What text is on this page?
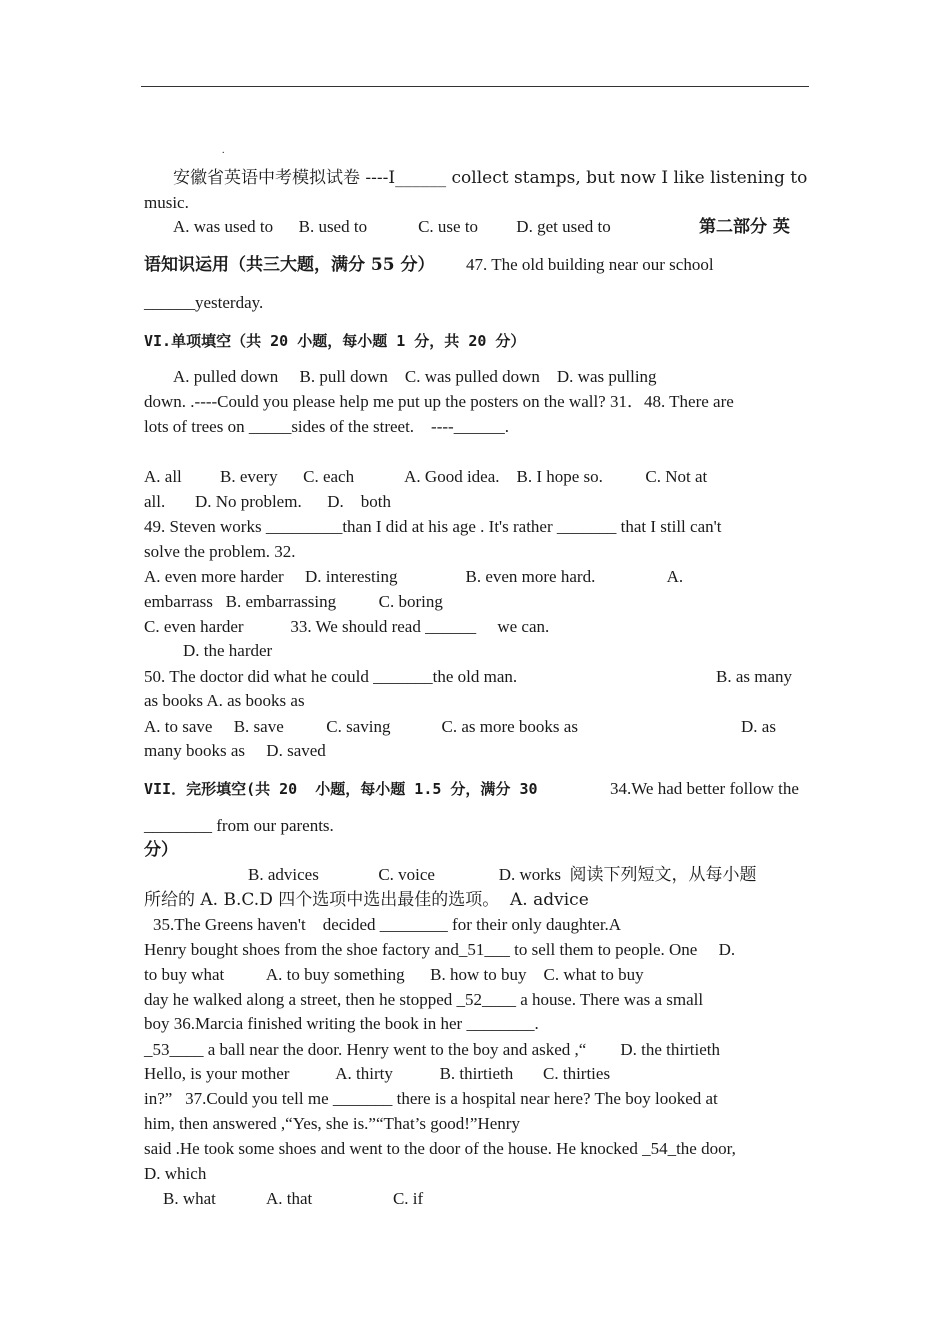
.
安徽省英语中考模拟试卷 ----I______ collect stamps, but now I like listening to
music.
A. was used to      B. used to            C. use to         D. get used to	第二部分 英
语知识运用（共三大题，满分 55 分） 47. The old building near our school
______yesterday.
VI.单项填空（共 20 小题，每小题 1 分，共 20 分）
A. pulled down     B. pull down    C. was pulled down    D. was pulling
down. .----Could you please help me put up the posters on the wall? 31．48. There are
lots of trees on _____sides of the street.    ----______.
A. all         B. every      C. each            A. Good idea.    B. I hope so.          C. Not at
all.       D. No problem.      D.    both
49. Steven works _________than I did at his age . It's rather _______ that I still can't
solve the problem. 32.
A. even more harder     D. interesting                B. even more hard.                 A.
embarrass   B. embarrassing          C. boring
C. even harder           33. We should read ______     we can.
D. the harder
50. The doctor did what he could _______the old man.	B. as many
as books A. as books as
A. to save     B. save          C. saving            C. as more books as	D. as
many books as     D. saved
VII．完形填空(共 20  小题，每小题 1.5 分，满分 30	34.We had better follow the
________ from our parents.
分）
B. advices              C. voice               D. works  阅读下列短文，从每小题
所给的 A. B.C.D 四个选项中选出最佳的选项。  A. advice
35.The Greens haven't    decided ________ for their only daughter.A
Henry bought shoes from the shoe factory and_51___ to sell them to people. One     D.
to buy what          A. to buy something      B. how to buy    C. what to buy
day he walked along a street, then he stopped _52____ a house. There was a small
boy 36.Marcia finished writing the book in her ________.
_53____ a ball near the door. Henry went to the boy and asked ,“        D. the thirtieth
Hello, is your mother           A. thirty           B. thirtieth       C. thirties
in?”   37.Could you tell me _______ there is a hospital near here? The boy looked at
him, then answered ,“Yes, she is.”“That’s good!”Henry
said .He took some shoes and went to the door of the house. He knocked _54_the door,
D. which
B. what            A. that                   C. if
